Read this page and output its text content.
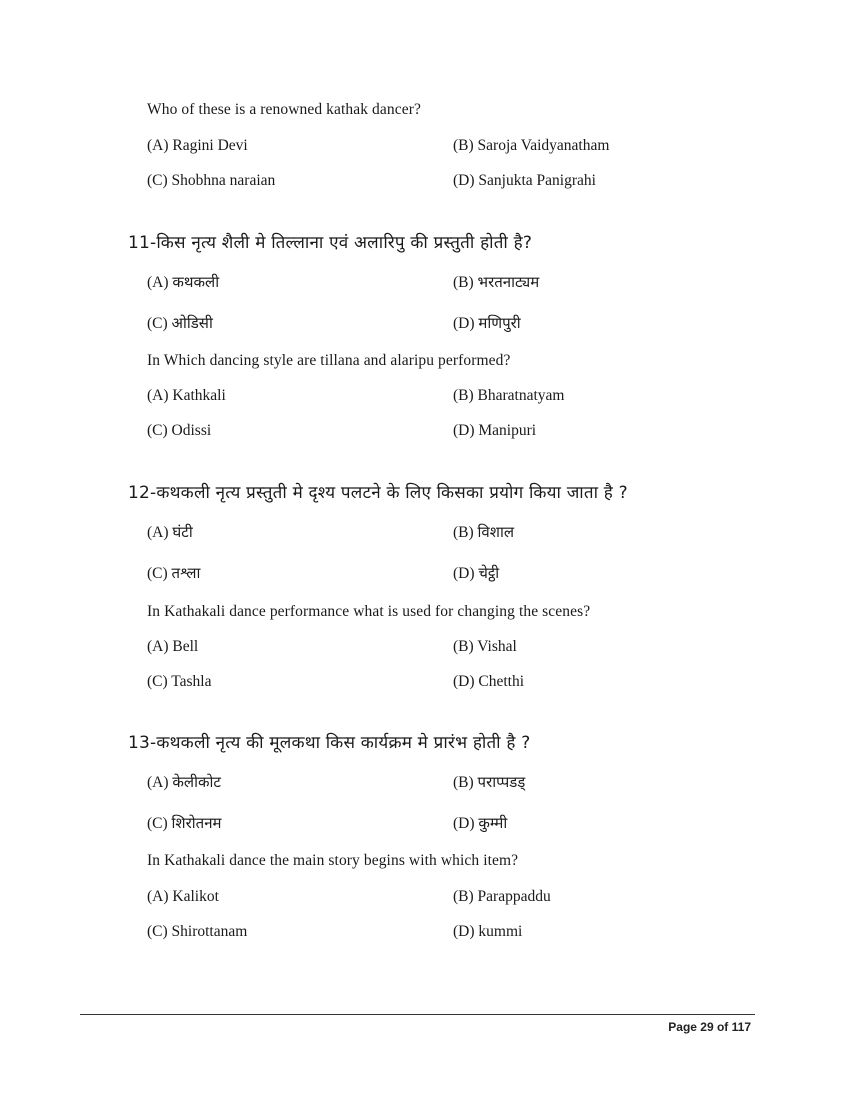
Who of these is a renowned kathak dancer?
(A) Ragini Devi	(B) Saroja Vaidyanatham
(C) Shobhna naraian	(D) Sanjukta Panigrahi
11-किस नृत्य शैली मे तिल्लाना एवं अलारिपु की प्रस्तुती होती है?
(A) कथकली	(B) भरतनाट्यम
(C) ओडिसी	(D) मणिपुरी
In Which dancing style are tillana and alaripu performed?
(A) Kathkali	(B) Bharatnatyam
(C) Odissi	(D) Manipuri
12-कथकली नृत्य प्रस्तुती मे दृश्य पलटने के लिए किसका प्रयोग किया जाता है ?
(A) घंटी	(B) विशाल
(C) तश्ला	(D) चेट्ठी
In Kathakali dance performance what is used for changing the scenes?
(A) Bell	(B) Vishal
(C) Tashla	(D) Chetthi
13-कथकली नृत्य की मूलकथा किस कार्यक्रम मे प्रारंभ होती है ?
(A) केलीकोट	(B) पराप्पडड्
(C) शिरोतनम	(D) कुम्मी
In Kathakali dance the main story begins with which item?
(A) Kalikot	(B) Parappaddu
(C) Shirottanam	(D) kummi
Page 29 of 117
